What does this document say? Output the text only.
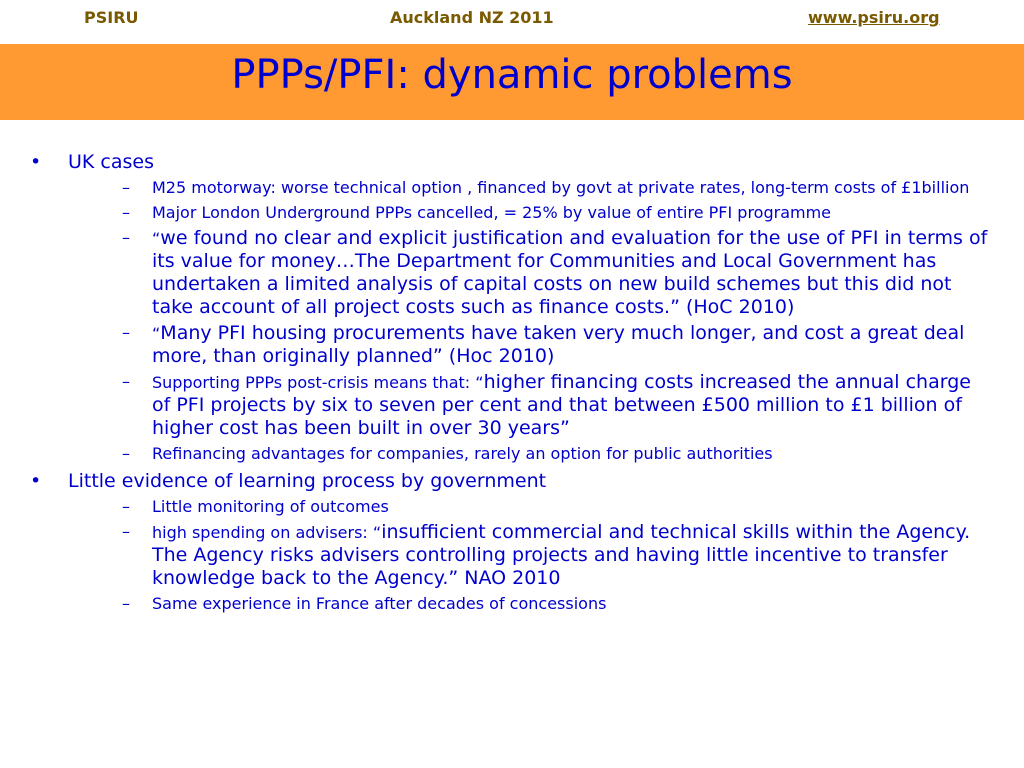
PSIRU	Auckland NZ 2011	www.psiru.org
PPPs/PFI: dynamic problems
• UK cases
– M25 motorway: worse technical option , financed by govt at private rates, long-term costs of £1billion
– Major London Underground PPPs cancelled, = 25% by value of entire PFI programme
– “we found no clear and explicit justification and evaluation for the use of PFI in terms of its value for money…The Department for Communities and Local Government has undertaken a limited analysis of capital costs on new build schemes but this did not take account of all project costs such as finance costs.” (HoC 2010)
– “Many PFI housing procurements have taken very much longer, and cost a great deal more, than originally planned” (Hoc 2010)
– Supporting PPPs post-crisis means that: “higher financing costs increased the annual charge of PFI projects by six to seven per cent and that between £500 million to £1 billion of higher cost has been built in over 30 years”
– Refinancing advantages for companies, rarely an option for public authorities
• Little evidence of learning process by government
– Little monitoring of outcomes
– high spending on advisers: “insufficient commercial and technical skills within the Agency. The Agency risks advisers controlling projects and having little incentive to transfer knowledge back to the Agency.” NAO 2010
– Same experience in France after decades of concessions
